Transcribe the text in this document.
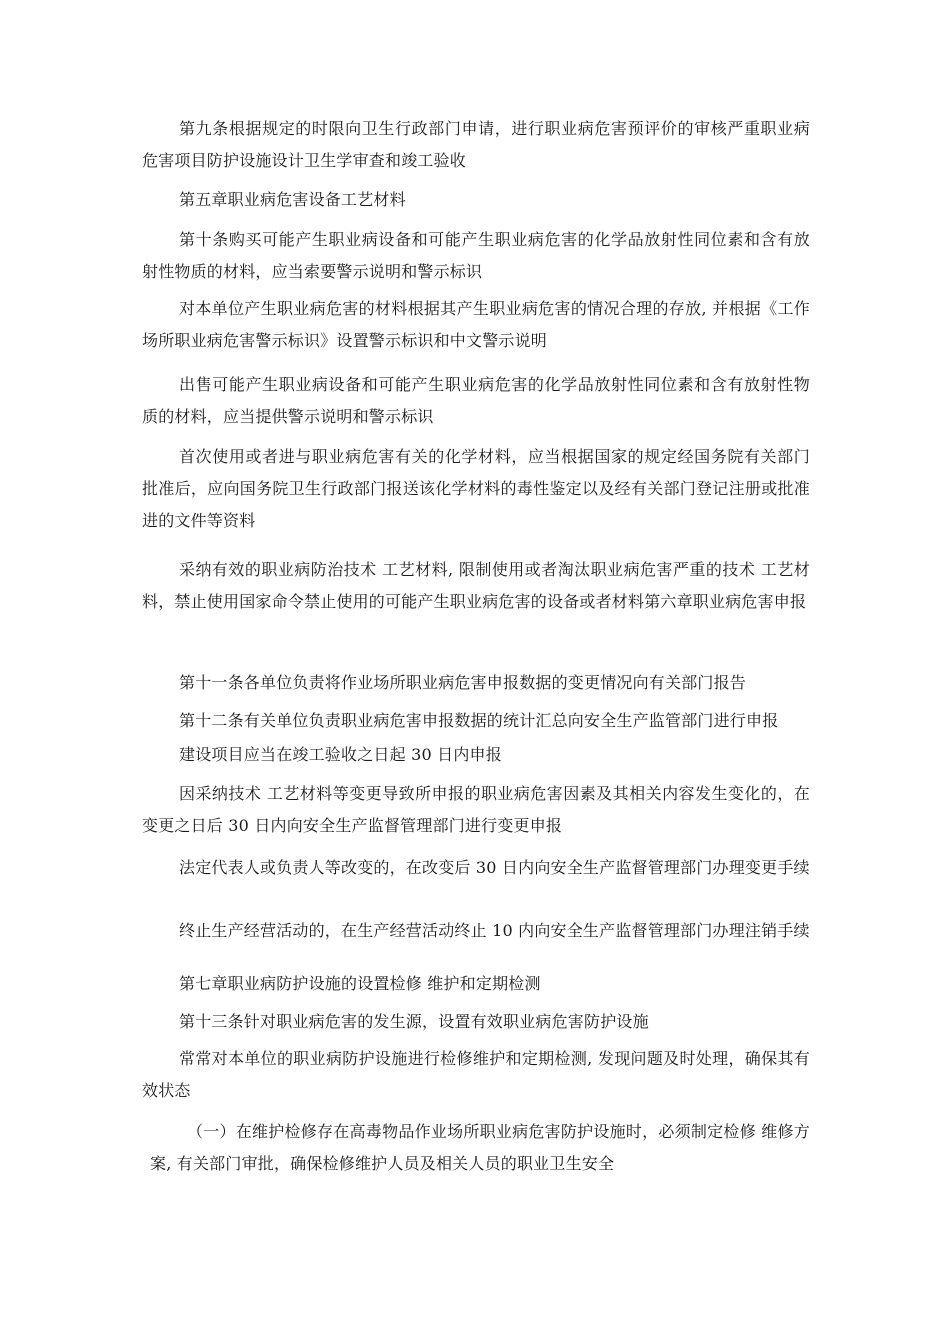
第九条根据规定的时限向卫生行政部门申请，进行职业病危害预评价的审核严重职业病危害项目防护设施设计卫生学审查和竣工验收

第五章职业病危害设备工艺材料

第十条购买可能产生职业病设备和可能产生职业病危害的化学品放射性同位素和含有放射性物质的材料，应当索要警示说明和警示标识

对本单位产生职业病危害的材料根据其产生职业病危害的情况合理的存放, 并根据《工作场所职业病危害警示标识》设置警示标识和中文警示说明

出售可能产生职业病设备和可能产生职业病危害的化学品放射性同位素和含有放射性物质的材料，应当提供警示说明和警示标识

首次使用或者进与职业病危害有关的化学材料，应当根据国家的规定经国务院有关部门批准后，应向国务院卫生行政部门报送该化学材料的毒性鉴定以及经有关部门登记注册或批准进的文件等资料

采纳有效的职业病防治技术 工艺材料, 限制使用或者淘汰职业病危害严重的技术 工艺材料，禁止使用国家命令禁止使用的可能产生职业病危害的设备或者材料第六章职业病危害申报

第十一条各单位负责将作业场所职业病危害申报数据的变更情况向有关部门报告

第十二条有关单位负责职业病危害申报数据的统计汇总向安全生产监管部门进行申报

建设项目应当在竣工验收之日起 30 日内申报

因采纳技术 工艺材料等变更导致所申报的职业病危害因素及其相关内容发生变化的，在变更之日后 30 日内向安全生产监督管理部门进行变更申报

法定代表人或负责人等改变的，在改变后 30 日内向安全生产监督管理部门办理变更手续

终止生产经营活动的，在生产经营活动终止 10 内向安全生产监督管理部门办理注销手续

第七章职业病防护设施的设置检修 维护和定期检测

第十三条针对职业病危害的发生源，设置有效职业病危害防护设施

常常对本单位的职业病防护设施进行检修维护和定期检测, 发现问题及时处理，确保其有效状态

（一）在维护检修存在高毒物品作业场所职业病危害防护设施时，必须制定检修 维修方案, 有关部门审批，确保检修维护人员及相关人员的职业卫生安全
